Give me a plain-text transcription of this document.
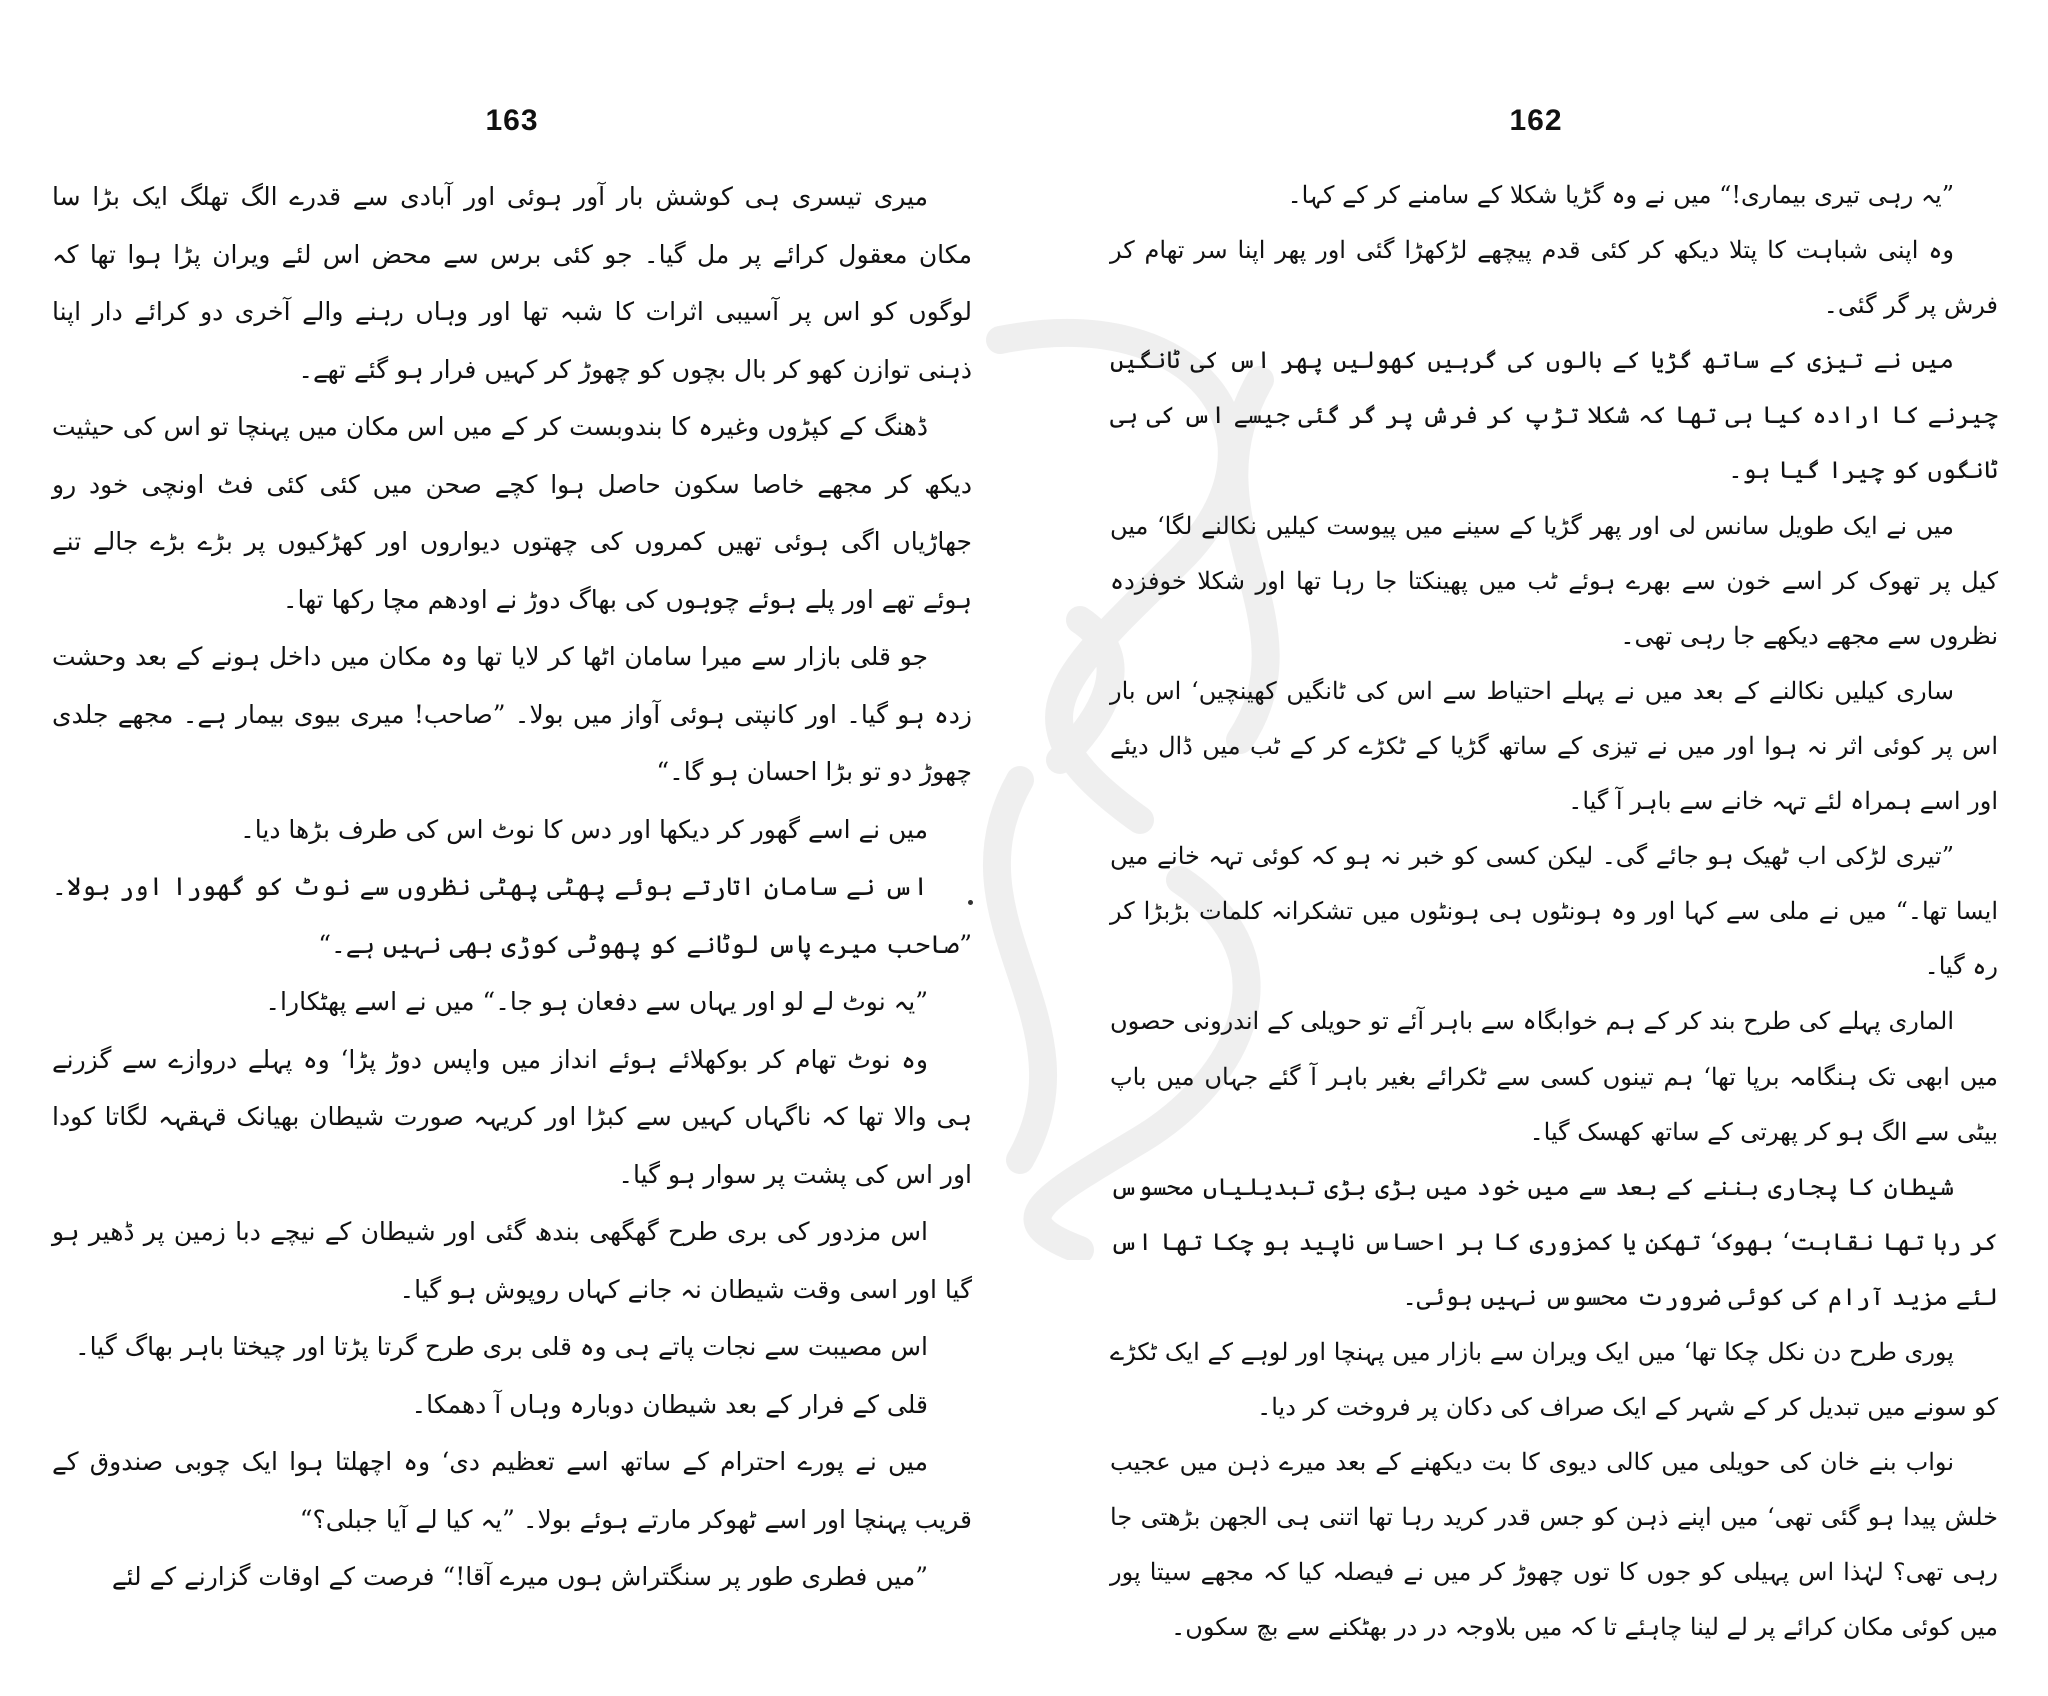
163

میری تیسری ہی کوشش بار آور ہوئی اور آبادی سے قدرے الگ تھلگ ایک بڑا سا مکان معقول کرائے پر مل گیا۔ جو کئی برس سے محض اس لئے ویران پڑا ہوا تھا کہ لوگوں کو اس پر آسیبی اثرات کا شبہ تھا اور وہاں رہنے والے آخری دو کرائے دار اپنا ذہنی توازن کھو کر بال بچوں کو چھوڑ کر کہیں فرار ہو گئے تھے۔

ڈھنگ کے کپڑوں وغیرہ کا بندوبست کر کے میں اس مکان میں پہنچا تو اس کی حیثیت دیکھ کر مجھے خاصا سکون حاصل ہوا کچے صحن میں کئی کئی فٹ اونچی خود رو جھاڑیاں اگی ہوئی تھیں کمروں کی چھتوں دیواروں اور کھڑکیوں پر بڑے بڑے جالے تنے ہوئے تھے اور پلے ہوئے چوہوں کی بھاگ دوڑ نے اودھم مچا رکھا تھا۔

جو قلی بازار سے میرا سامان اٹھا کر لایا تھا وہ مکان میں داخل ہونے کے بعد وحشت زدہ ہو گیا۔ اور کانپتی ہوئی آواز میں بولا۔ ”صاحب! میری بیوی بیمار ہے۔ مجھے جلدی چھوڑ دو تو بڑا احسان ہو گا۔“

میں نے اسے گھور کر دیکھا اور دس کا نوٹ اس کی طرف بڑھا دیا۔

اس نے سامان اتارتے ہوئے پھٹی پھٹی نظروں سے نوٹ کو گھورا اور بولا۔ ”صاحب میرے پاس لوٹانے کو پھوٹی کوڑی بھی نہیں ہے۔“

”یہ نوٹ لے لو اور یہاں سے دفعان ہو جا۔“ میں نے اسے پھٹکارا۔

وہ نوٹ تھام کر بوکھلائے ہوئے انداز میں واپس دوڑ پڑا‘ وہ پہلے دروازے سے گزرنے ہی والا تھا کہ ناگہاں کہیں سے کبڑا اور کریہہ صورت شیطان بھیانک قہقہہ لگاتا کودا اور اس کی پشت پر سوار ہو گیا۔

اس مزدور کی بری طرح گھگھی بندھ گئی اور شیطان کے نیچے دبا زمین پر ڈھیر ہو گیا اور اسی وقت شیطان نہ جانے کہاں روپوش ہو گیا۔

اس مصیبت سے نجات پاتے ہی وہ قلی بری طرح گرتا پڑتا اور چیختا باہر بھاگ گیا۔

قلی کے فرار کے بعد شیطان دوبارہ وہاں آ دھمکا۔

میں نے پورے احترام کے ساتھ اسے تعظیم دی‘ وہ اچھلتا ہوا ایک چوبی صندوق کے قریب پہنچا اور اسے ٹھوکر مارتے ہوئے بولا۔ ”یہ کیا لے آیا جبلی؟“

”میں فطری طور پر سنگتراش ہوں میرے آقا!“ فرصت کے اوقات گزارنے کے لئے

162

”یہ رہی تیری بیماری!“ میں نے وہ گڑیا شکلا کے سامنے کر کے کہا۔

وہ اپنی شباہت کا پتلا دیکھ کر کئی قدم پیچھے لڑکھڑا گئی اور پھر اپنا سر تھام کر فرش پر گر گئی۔

میں نے تیزی کے ساتھ گڑیا کے بالوں کی گرہیں کھولیں پھر اس کی ٹانگیں چیرنے کا ارادہ کیا ہی تھا کہ شکلا تڑپ کر فرش پر گر گئی جیسے اس کی ہی ٹانگوں کو چیرا گیا ہو۔

میں نے ایک طویل سانس لی اور پھر گڑیا کے سینے میں پیوست کیلیں نکالنے لگا‘ میں کیل پر تھوک کر اسے خون سے بھرے ہوئے ٹب میں پھینکتا جا رہا تھا اور شکلا خوفزدہ نظروں سے مجھے دیکھے جا رہی تھی۔

ساری کیلیں نکالنے کے بعد میں نے پہلے احتیاط سے اس کی ٹانگیں کھینچیں‘ اس بار اس پر کوئی اثر نہ ہوا اور میں نے تیزی کے ساتھ گڑیا کے ٹکڑے کر کے ٹب میں ڈال دیئے اور اسے ہمراہ لئے تہہ خانے سے باہر آ گیا۔

”تیری لڑکی اب ٹھیک ہو جائے گی۔ لیکن کسی کو خبر نہ ہو کہ کوئی تہہ خانے میں ایسا تھا۔“ میں نے ملی سے کہا اور وہ ہونٹوں ہی ہونٹوں میں تشکرانہ کلمات بڑبڑا کر رہ گیا۔

الماری پہلے کی طرح بند کر کے ہم خوابگاہ سے باہر آئے تو حویلی کے اندرونی حصوں میں ابھی تک ہنگامہ برپا تھا‘ ہم تینوں کسی سے ٹکرائے بغیر باہر آ گئے جہاں میں باپ بیٹی سے الگ ہو کر پھرتی کے ساتھ کھسک گیا۔

شیطان کا پجاری بننے کے بعد سے میں خود میں بڑی بڑی تبدیلیاں محسوس کر رہا تھا نقاہت‘ بھوک‘ تھکن یا کمزوری کا ہر احساس ناپید ہو چکا تھا اس لئے مزید آرام کی کوئی ضرورت محسوس نہیں ہوئی۔

پوری طرح دن نکل چکا تھا‘ میں ایک ویران سے بازار میں پہنچا اور لوہے کے ایک ٹکڑے کو سونے میں تبدیل کر کے شہر کے ایک صراف کی دکان پر فروخت کر دیا۔

نواب بنے خان کی حویلی میں کالی دیوی کا بت دیکھنے کے بعد میرے ذہن میں عجیب خلش پیدا ہو گئی تھی‘ میں اپنے ذہن کو جس قدر کرید رہا تھا اتنی ہی الجھن بڑھتی جا رہی تھی؟ لہٰذا اس پہیلی کو جوں کا توں چھوڑ کر میں نے فیصلہ کیا کہ مجھے سیتا پور میں کوئی مکان کرائے پر لے لینا چاہئے تا کہ میں بلاوجہ در در بھٹکنے سے بچ سکوں۔
